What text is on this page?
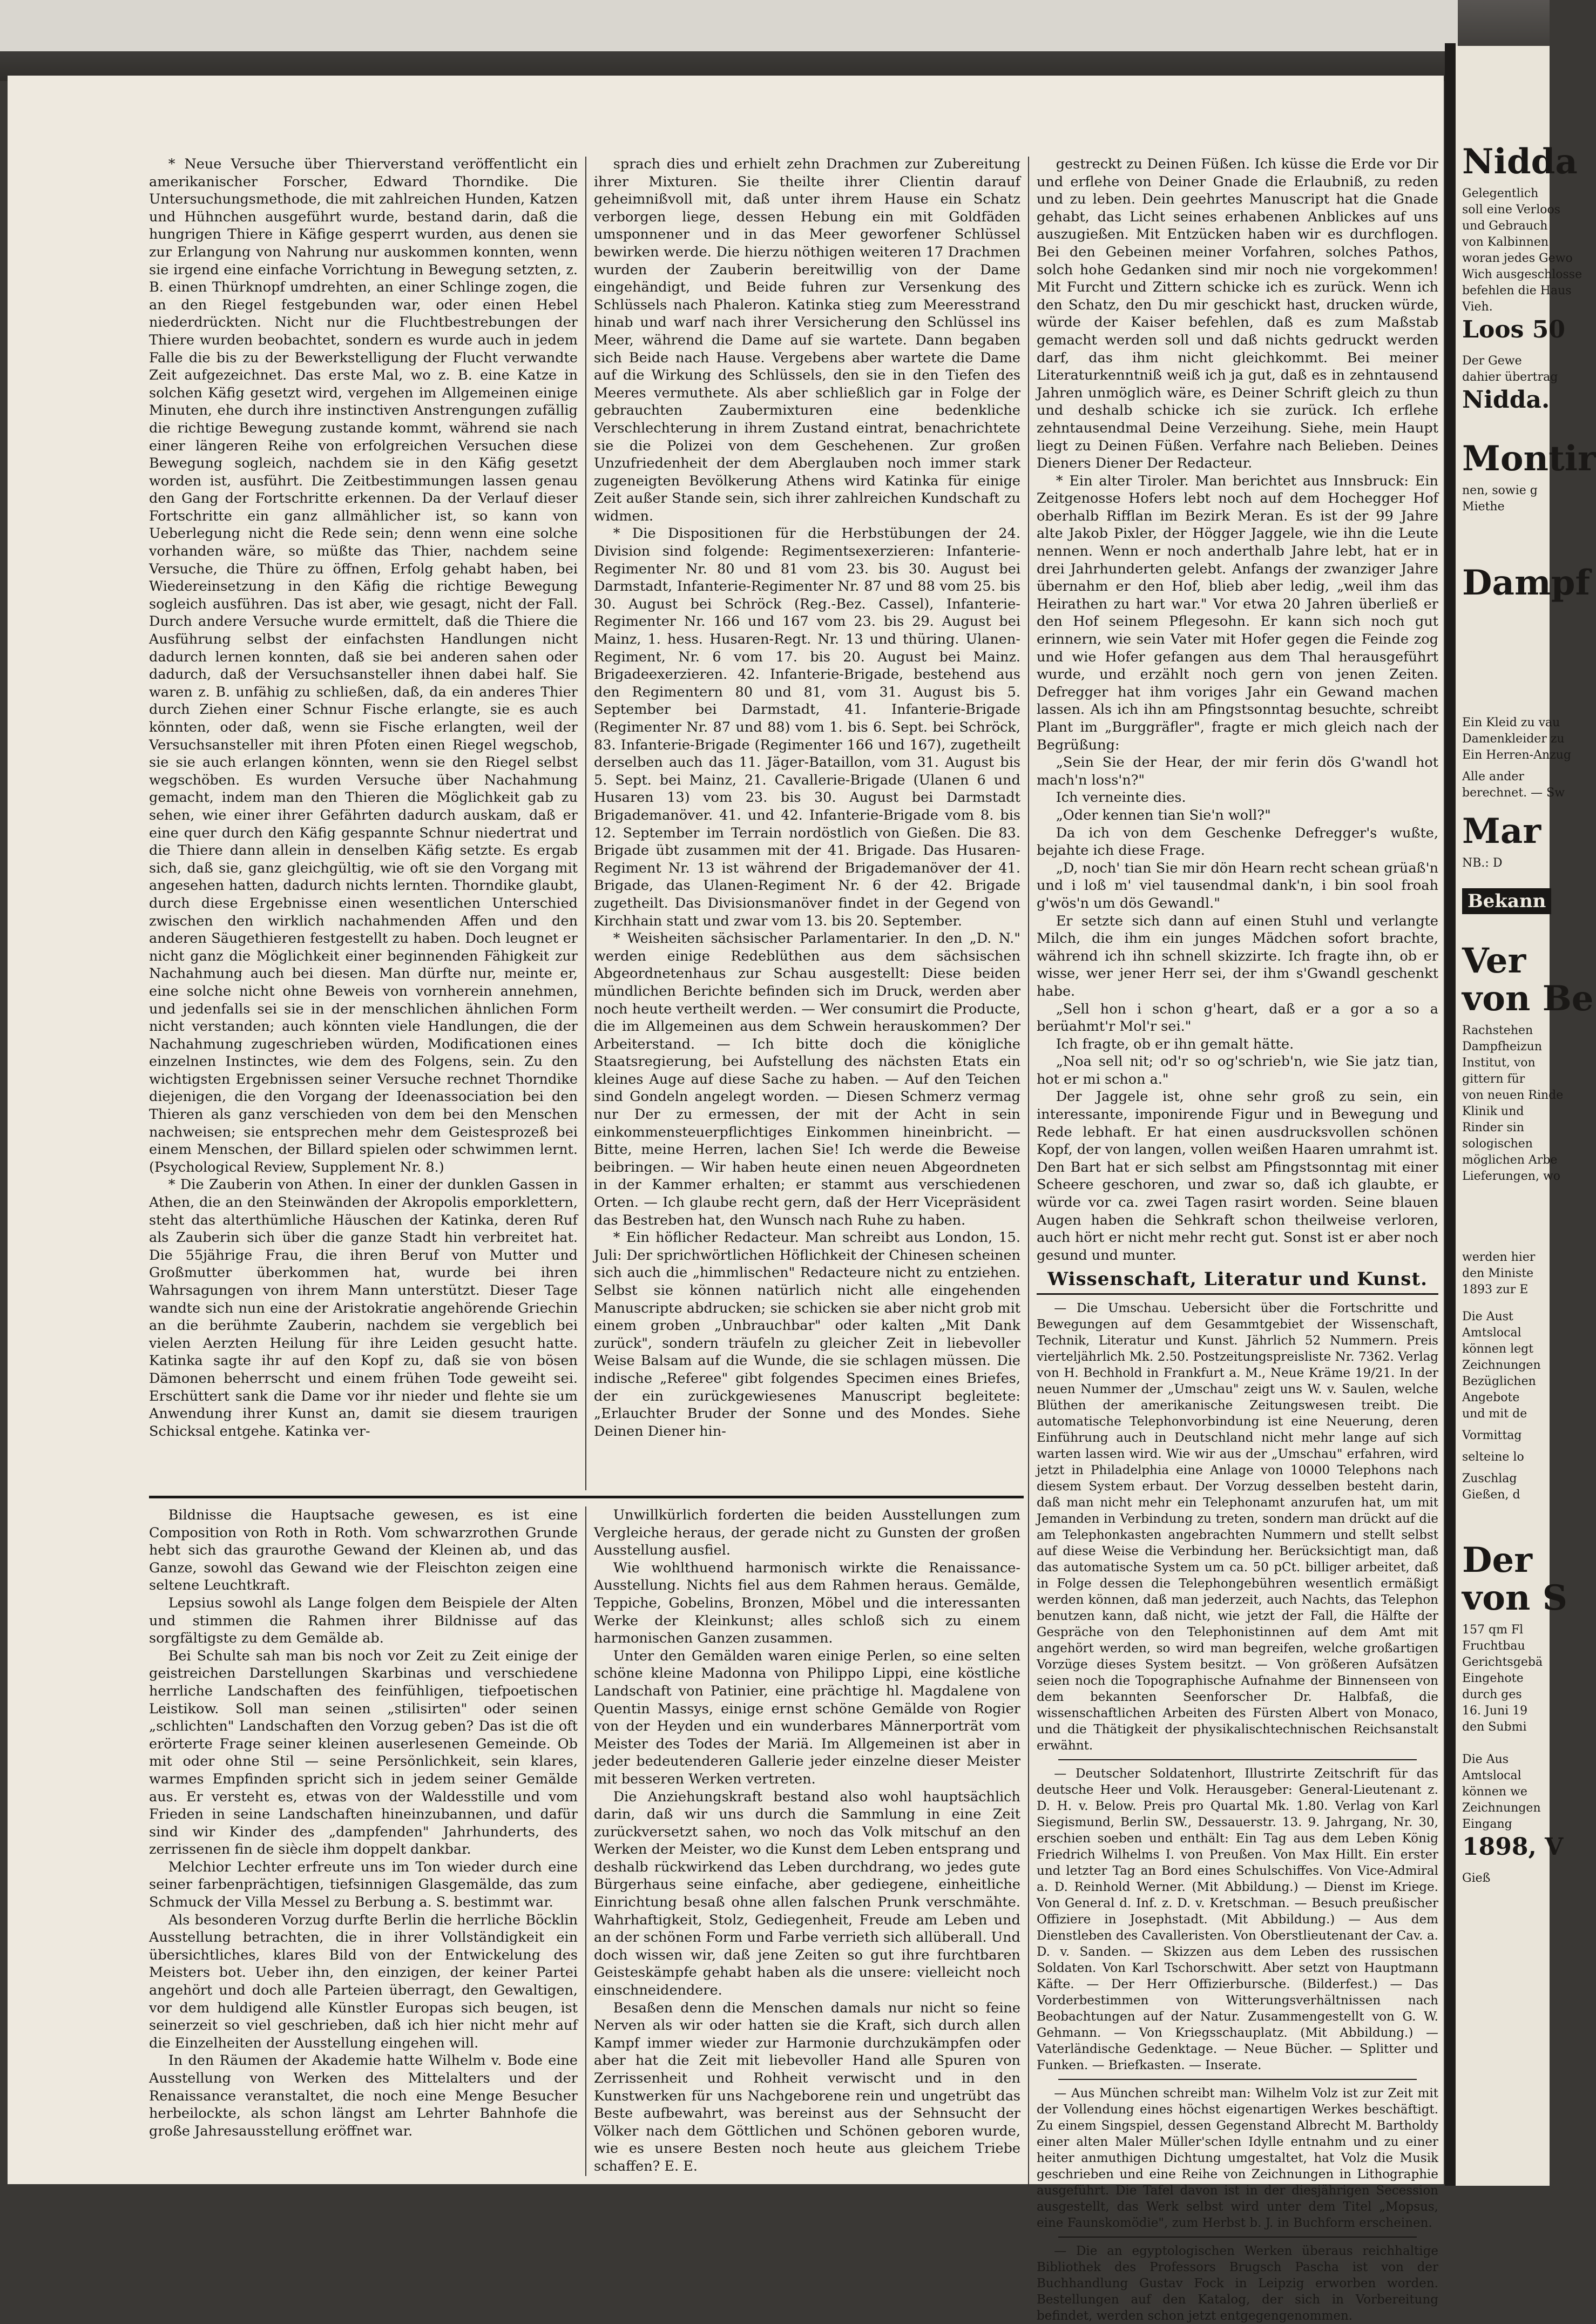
* Neue Versuche über Thierverstand veröffentlicht ein amerikanischer Forscher, Edward Thorndike. Die Untersuchungsmethode, die mit zahlreichen Hunden, Katzen und Hühnchen ausgeführt wurde, bestand darin, daß die hungrigen Thiere in Käfige gesperrt wurden, aus denen sie zur Erlangung von Nahrung nur auskommen konnten, wenn sie irgend eine einfache Vorrichtung in Bewegung setzten, z. B. einen Thürknopf umdrehten, an einer Schlinge zogen, die an den Riegel festgebunden war, oder einen Hebel niederdrückten. Nicht nur die Fluchtbestrebungen der Thiere wurden beobachtet, sondern es wurde auch in jedem Falle die bis zu der Bewerkstelligung der Flucht verwandte Zeit aufgezeichnet. Das erste Mal, wo z. B. eine Katze in solchen Käfig gesetzt wird, vergehen im Allgemeinen einige Minuten, ehe durch ihre instinctiven Anstrengungen zufällig die richtige Bewegung zustande kommt, während sie nach einer längeren Reihe von erfolgreichen Versuchen diese Bewegung sogleich, nachdem sie in den Käfig gesetzt worden ist, ausführt. Die Zeitbestimmungen lassen genau den Gang der Fortschritte erkennen. Da der Verlauf dieser Fortschritte ein ganz allmählicher ist, so kann von Ueberlegung nicht die Rede sein; denn wenn eine solche vorhanden wäre, so müßte das Thier, nachdem seine Versuche, die Thüre zu öffnen, Erfolg gehabt haben, bei Wiedereinsetzung in den Käfig die richtige Bewegung sogleich ausführen. Das ist aber, wie gesagt, nicht der Fall. Durch andere Versuche wurde ermittelt, daß die Thiere die Ausführung selbst der einfachsten Handlungen nicht dadurch lernen konnten, daß sie bei anderen sahen oder dadurch, daß der Versuchsansteller ihnen dabei half. Sie waren z. B. unfähig zu schließen, daß, da ein anderes Thier durch Ziehen einer Schnur Fische erlangte, sie es auch könnten, oder daß, wenn sie Fische erlangten, weil der Versuchsansteller mit ihren Pfoten einen Riegel wegschob, sie sie auch erlangen könnten, wenn sie den Riegel selbst wegschöben. Es wurden Versuche über Nachahmung gemacht, indem man den Thieren die Möglichkeit gab zu sehen, wie einer ihrer Gefährten dadurch auskam, daß er eine quer durch den Käfig gespannte Schnur niedertrat und die Thiere dann allein in denselben Käfig setzte. Es ergab sich, daß sie, ganz gleichgültig, wie oft sie den Vorgang mit angesehen hatten, dadurch nichts lernten. Thorndike glaubt, durch diese Ergebnisse einen wesentlichen Unterschied zwischen den wirklich nachahmenden Affen und den anderen Säugethieren festgestellt zu haben. Doch leugnet er nicht ganz die Möglichkeit einer beginnenden Fähigkeit zur Nachahmung auch bei diesen. Man dürfte nur, meinte er, eine solche nicht ohne Beweis von vornherein annehmen, und jedenfalls sei sie in der menschlichen ähnlichen Form nicht verstanden; auch könnten viele Handlungen, die der Nachahmung zugeschrieben würden, Modificationen eines einzelnen Instinctes, wie dem des Folgens, sein. Zu den wichtigsten Ergebnissen seiner Versuche rechnet Thorndike diejenigen, die den Vorgang der Ideenassociation bei den Thieren als ganz verschieden von dem bei den Menschen nachweisen; sie entsprechen mehr dem Geistesprozeß bei einem Menschen, der Billard spielen oder schwimmen lernt. (Psychological Review, Supplement Nr. 8.)

* Die Zauberin von Athen. In einer der dunklen Gassen in Athen, die an den Steinwänden der Akropolis emporklettern, steht das alterthümliche Häuschen der Katinka, deren Ruf als Zauberin sich über die ganze Stadt hin verbreitet hat. Die 55jährige Frau, die ihren Beruf von Mutter und Großmutter überkommen hat, wurde bei ihren Wahrsagungen von ihrem Mann unterstützt. Dieser Tage wandte sich nun eine der Aristokratie angehörende Griechin an die berühmte Zauberin, nachdem sie vergeblich bei vielen Aerzten Heilung für ihre Leiden gesucht hatte. Katinka sagte ihr auf den Kopf zu, daß sie von bösen Dämonen beherrscht und einem frühen Tode geweiht sei. Erschüttert sank die Dame vor ihr nieder und flehte sie um Anwendung ihrer Kunst an, damit sie diesem traurigen Schicksal entgehe. Katinka ver-

sprach dies und erhielt zehn Drachmen zur Zubereitung ihrer Mixturen. Sie theilte ihrer Clientin darauf geheimnißvoll mit, daß unter ihrem Hause ein Schatz verborgen liege, dessen Hebung ein mit Goldfäden umsponnener und in das Meer geworfener Schlüssel bewirken werde. Die hierzu nöthigen weiteren 17 Drachmen wurden der Zauberin bereitwillig von der Dame eingehändigt, und Beide fuhren zur Versenkung des Schlüssels nach Phaleron. Katinka stieg zum Meeresstrand hinab und warf nach ihrer Versicherung den Schlüssel ins Meer, während die Dame auf sie wartete. Dann begaben sich Beide nach Hause. Vergebens aber wartete die Dame auf die Wirkung des Schlüssels, den sie in den Tiefen des Meeres vermuthete. Als aber schließlich gar in Folge der gebrauchten Zaubermixturen eine bedenkliche Verschlechterung in ihrem Zustand eintrat, benachrichtete sie die Polizei von dem Geschehenen. Zur großen Unzufriedenheit der dem Aberglauben noch immer stark zugeneigten Bevölkerung Athens wird Katinka für einige Zeit außer Stande sein, sich ihrer zahlreichen Kundschaft zu widmen.

* Die Dispositionen für die Herbstübungen der 24. Division sind folgende: Regimentsexerzieren: Infanterie-Regimenter Nr. 80 und 81 vom 23. bis 30. August bei Darmstadt, Infanterie-Regimenter Nr. 87 und 88 vom 25. bis 30. August bei Schröck (Reg.-Bez. Cassel), Infanterie-Regimenter Nr. 166 und 167 vom 23. bis 29. August bei Mainz, 1. hess. Husaren-Regt. Nr. 13 und thüring. Ulanen-Regiment, Nr. 6 vom 17. bis 20. August bei Mainz. Brigadeexerzieren. 42. Infanterie-Brigade, bestehend aus den Regimentern 80 und 81, vom 31. August bis 5. September bei Darmstadt, 41. Infanterie-Brigade (Regimenter Nr. 87 und 88) vom 1. bis 6. Sept. bei Schröck, 83. Infanterie-Brigade (Regimenter 166 und 167), zugetheilt derselben auch das 11. Jäger-Bataillon, vom 31. August bis 5. Sept. bei Mainz, 21. Cavallerie-Brigade (Ulanen 6 und Husaren 13) vom 23. bis 30. August bei Darmstadt Brigademanöver. 41. und 42. Infanterie-Brigade vom 8. bis 12. September im Terrain nordöstlich von Gießen. Die 83. Brigade übt zusammen mit der 41. Brigade. Das Husaren-Regiment Nr. 13 ist während der Brigademanöver der 41. Brigade, das Ulanen-Regiment Nr. 6 der 42. Brigade zugetheilt. Das Divisionsmanöver findet in der Gegend von Kirchhain statt und zwar vom 13. bis 20. September.

* Weisheiten sächsischer Parlamentarier. In den „D. N." werden einige Redeblüthen aus dem sächsischen Abgeordnetenhaus zur Schau ausgestellt: Diese beiden mündlichen Berichte befinden sich im Druck, werden aber noch heute vertheilt werden. — Wer consumirt die Producte, die im Allgemeinen aus dem Schwein herauskommen? Der Arbeiterstand. — Ich bitte doch die königliche Staatsregierung, bei Aufstellung des nächsten Etats ein kleines Auge auf diese Sache zu haben. — Auf den Teichen sind Gondeln angelegt worden. — Diesen Schmerz vermag nur Der zu ermessen, der mit der Acht in sein einkommensteuerpflichtiges Einkommen hineinbricht. — Bitte, meine Herren, lachen Sie! Ich werde die Beweise beibringen. — Wir haben heute einen neuen Abgeordneten in der Kammer erhalten; er stammt aus verschiedenen Orten. — Ich glaube recht gern, daß der Herr Vicepräsident das Bestreben hat, den Wunsch nach Ruhe zu haben.

* Ein höflicher Redacteur. Man schreibt aus London, 15. Juli: Der sprichwörtlichen Höflichkeit der Chinesen scheinen sich auch die „himmlischen" Redacteure nicht zu entziehen. Selbst sie können natürlich nicht alle eingehenden Manuscripte abdrucken; sie schicken sie aber nicht grob mit einem groben „Unbrauchbar" oder kalten „Mit Dank zurück", sondern träufeln zu gleicher Zeit in liebevoller Weise Balsam auf die Wunde, die sie schlagen müssen. Die indische „Referee" gibt folgendes Specimen eines Briefes, der ein zurückgewiesenes Manuscript begleitete: „Erlauchter Bruder der Sonne und des Mondes. Siehe Deinen Diener hin-

gestreckt zu Deinen Füßen. Ich küsse die Erde vor Dir und erflehe von Deiner Gnade die Erlaubniß, zu reden und zu leben. Dein geehrtes Manuscript hat die Gnade gehabt, das Licht seines erhabenen Anblickes auf uns auszugießen. Mit Entzücken haben wir es durchflogen. Bei den Gebeinen meiner Vorfahren, solches Pathos, solch hohe Gedanken sind mir noch nie vorgekommen! Mit Furcht und Zittern schicke ich es zurück. Wenn ich den Schatz, den Du mir geschickt hast, drucken würde, würde der Kaiser befehlen, daß es zum Maßstab gemacht werden soll und daß nichts gedruckt werden darf, das ihm nicht gleichkommt. Bei meiner Literaturkenntniß weiß ich ja gut, daß es in zehntausend Jahren unmöglich wäre, es Deiner Schrift gleich zu thun und deshalb schicke ich sie zurück. Ich erflehe zehntausendmal Deine Verzeihung. Siehe, mein Haupt liegt zu Deinen Füßen. Verfahre nach Belieben. Deines Dieners Diener Der Redacteur.

* Ein alter Tiroler. Man berichtet aus Innsbruck: Ein Zeitgenosse Hofers lebt noch auf dem Hochegger Hof oberhalb Rifflan im Bezirk Meran. Es ist der 99 Jahre alte Jakob Pixler, der Högger Jaggele, wie ihn die Leute nennen. Wenn er noch anderthalb Jahre lebt, hat er in drei Jahrhunderten gelebt. Anfangs der zwanziger Jahre übernahm er den Hof, blieb aber ledig, „weil ihm das Heirathen zu hart war." Vor etwa 20 Jahren überließ er den Hof seinem Pflegesohn. Er kann sich noch gut erinnern, wie sein Vater mit Hofer gegen die Feinde zog und wie Hofer gefangen aus dem Thal herausgeführt wurde, und erzählt noch gern von jenen Zeiten. Defregger hat ihm voriges Jahr ein Gewand machen lassen. Als ich ihn am Pfingstsonntag besuchte, schreibt Plant im „Burggräfler", fragte er mich gleich nach der Begrüßung:

„Sein Sie der Hear, der mir ferin dös G'wandl hot mach'n loss'n?"

Ich verneinte dies.

„Oder kennen tian Sie'n woll?"

Da ich von dem Geschenke Defregger's wußte, bejahte ich diese Frage.

„D, noch' tian Sie mir dön Hearn recht schean grüaß'n und i loß m' viel tausendmal dank'n, i bin sool froah g'wös'n um dös Gewandl."

Er setzte sich dann auf einen Stuhl und verlangte Milch, die ihm ein junges Mädchen sofort brachte, während ich ihn schnell skizzirte. Ich fragte ihn, ob er wisse, wer jener Herr sei, der ihm s'Gwandl geschenkt habe.

„Sell hon i schon g'heart, daß er a gor a so a berüahmt'r Mol'r sei."

Ich fragte, ob er ihn gemalt hätte.

„Noa sell nit; od'r so og'schrieb'n, wie Sie jatz tian, hot er mi schon a."

Der Jaggele ist, ohne sehr groß zu sein, ein interessante, imponirende Figur und in Bewegung und Rede lebhaft. Er hat einen ausdrucksvollen schönen Kopf, der von langen, vollen weißen Haaren umrahmt ist. Den Bart hat er sich selbst am Pfingstsonntag mit einer Scheere geschoren, und zwar so, daß ich glaubte, er würde vor ca. zwei Tagen rasirt worden. Seine blauen Augen haben die Sehkraft schon theilweise verloren, auch hört er nicht mehr recht gut. Sonst ist er aber noch gesund und munter.

Wissenschaft, Literatur und Kunst.

— Die Umschau. Uebersicht über die Fortschritte und Bewegungen auf dem Gesammtgebiet der Wissenschaft, Technik, Literatur und Kunst. Jährlich 52 Nummern. Preis vierteljährlich Mk. 2.50. Postzeitungspreisliste Nr. 7362. Verlag von H. Bechhold in Frankfurt a. M., Neue Kräme 19/21. In der neuen Nummer der „Umschau" zeigt uns W. v. Saulen, welche Blüthen der amerikanische Zeitungswesen treibt. Die automatische Telephonvorbindung ist eine Neuerung, deren Einführung auch in Deutschland nicht mehr lange auf sich warten lassen wird. Wie wir aus der „Umschau" erfahren, wird jetzt in Philadelphia eine Anlage von 10000 Telephons nach diesem System erbaut. Der Vorzug desselben besteht darin, daß man nicht mehr ein Telephonamt anzurufen hat, um mit Jemanden in Verbindung zu treten, sondern man drückt auf die am Telephonkasten angebrachten Nummern und stellt selbst auf diese Weise die Verbindung her. Berücksichtigt man, daß das automatische System um ca. 50 pCt. billiger arbeitet, daß in Folge dessen die Telephongebühren wesentlich ermäßigt werden können, daß man jederzeit, auch Nachts, das Telephon benutzen kann, daß nicht, wie jetzt der Fall, die Hälfte der Gespräche von den Telephonistinnen auf dem Amt mit angehört werden, so wird man begreifen, welche großartigen Vorzüge dieses System besitzt. — Von größeren Aufsätzen seien noch die Topographische Aufnahme der Binnenseen von dem bekannten Seenforscher Dr. Halbfaß, die wissenschaftlichen Arbeiten des Fürsten Albert von Monaco, und die Thätigkeit der physikalischtechnischen Reichsanstalt erwähnt.

— Deutscher Soldatenhort, Illustrirte Zeitschrift für das deutsche Heer und Volk. Herausgeber: General-Lieutenant z. D. H. v. Below. Preis pro Quartal Mk. 1.80. Verlag von Karl Siegismund, Berlin SW., Dessauerstr. 13. 9. Jahrgang, Nr. 30, erschien soeben und enthält: Ein Tag aus dem Leben König Friedrich Wilhelms I. von Preußen. Von Max Hillt. Ein erster und letzter Tag an Bord eines Schulschiffes. Von Vice-Admiral a. D. Reinhold Werner. (Mit Abbildung.) — Dienst im Kriege. Von General d. Inf. z. D. v. Kretschman. — Besuch preußischer Offiziere in Josephstadt. (Mit Abbildung.) — Aus dem Dienstleben des Cavalleristen. Von Oberstlieutenant der Cav. a. D. v. Sanden. — Skizzen aus dem Leben des russischen Soldaten. Von Karl Tschorschwitt. Aber setzt von Hauptmann Käfte. — Der Herr Offizierbursche. (Bilderfest.) — Das Vorderbestimmen von Witterungsverhältnissen nach Beobachtungen auf der Natur. Zusammengestellt von G. W. Gehmann. — Von Kriegsschauplatz. (Mit Abbildung.) — Vaterländische Gedenktage. — Neue Bücher. — Splitter und Funken. — Briefkasten. — Inserate.

— Aus München schreibt man: Wilhelm Volz ist zur Zeit mit der Vollendung eines höchst eigenartigen Werkes beschäftigt. Zu einem Singspiel, dessen Gegenstand Albrecht M. Bartholdy einer alten Maler Müller'schen Idylle entnahm und zu einer heiter anmuthigen Dichtung umgestaltet, hat Volz die Musik geschrieben und eine Reihe von Zeichnungen in Lithographie ausgeführt. Die Tafel davon ist in der diesjährigen Secession ausgestellt, das Werk selbst wird unter dem Titel „Mopsus, eine Faunskomödie", zum Herbst b. J. in Buchform erscheinen.

— Die an egyptologischen Werken überaus reichhaltige Bibliothek des Professors Brugsch Pascha ist von der Buchhandlung Gustav Fock in Leipzig erworben worden. Bestellungen auf den Katalog, der sich in Vorbereitung befindet, werden schon jetzt entgegengenommen.

Bildnisse die Hauptsache gewesen, es ist eine Composition von Roth in Roth. Vom schwarzrothen Grunde hebt sich das graurothe Gewand der Kleinen ab, und das Ganze, sowohl das Gewand wie der Fleischton zeigen eine seltene Leuchtkraft.

Lepsius sowohl als Lange folgen dem Beispiele der Alten und stimmen die Rahmen ihrer Bildnisse auf das sorgfältigste zu dem Gemälde ab.

Bei Schulte sah man bis noch vor Zeit zu Zeit einige der geistreichen Darstellungen Skarbinas und verschiedene herrliche Landschaften des feinfühligen, tiefpoetischen Leistikow. Soll man seinen „stilisirten" oder seinen „schlichten" Landschaften den Vorzug geben? Das ist die oft erörterte Frage seiner kleinen auserlesenen Gemeinde. Ob mit oder ohne Stil — seine Persönlichkeit, sein klares, warmes Empfinden spricht sich in jedem seiner Gemälde aus. Er versteht es, etwas von der Waldesstille und vom Frieden in seine Landschaften hineinzubannen, und dafür sind wir Kinder des „dampfenden" Jahrhunderts, des zerrissenen fin de siècle ihm doppelt dankbar.

Melchior Lechter erfreute uns im Ton wieder durch eine seiner farbenprächtigen, tiefsinnigen Glasgemälde, das zum Schmuck der Villa Messel zu Berbung a. S. bestimmt war.

Als besonderen Vorzug durfte Berlin die herrliche Böcklin Ausstellung betrachten, die in ihrer Vollständigkeit ein übersichtliches, klares Bild von der Entwickelung des Meisters bot. Ueber ihn, den einzigen, der keiner Partei angehört und doch alle Parteien überragt, den Gewaltigen, vor dem huldigend alle Künstler Europas sich beugen, ist seinerzeit so viel geschrieben, daß ich hier nicht mehr auf die Einzelheiten der Ausstellung eingehen will.

In den Räumen der Akademie hatte Wilhelm v. Bode eine Ausstellung von Werken des Mittelalters und der Renaissance veranstaltet, die noch eine Menge Besucher herbeilockte, als schon längst am Lehrter Bahnhofe die große Jahresausstellung eröffnet war.

Unwillkürlich forderten die beiden Ausstellungen zum Vergleiche heraus, der gerade nicht zu Gunsten der großen Ausstellung ausfiel.

Wie wohlthuend harmonisch wirkte die Renaissance-Ausstellung. Nichts fiel aus dem Rahmen heraus. Gemälde, Teppiche, Gobelins, Bronzen, Möbel und die interessanten Werke der Kleinkunst; alles schloß sich zu einem harmonischen Ganzen zusammen.

Unter den Gemälden waren einige Perlen, so eine selten schöne kleine Madonna von Philippo Lippi, eine köstliche Landschaft von Patinier, eine prächtige hl. Magdalene von Quentin Massys, einige ernst schöne Gemälde von Rogier von der Heyden und ein wunderbares Männerporträt vom Meister des Todes der Mariä. Im Allgemeinen ist aber in jeder bedeutenderen Gallerie jeder einzelne dieser Meister mit besseren Werken vertreten.

Die Anziehungskraft bestand also wohl hauptsächlich darin, daß wir uns durch die Sammlung in eine Zeit zurückversetzt sahen, wo noch das Volk mitschuf an den Werken der Meister, wo die Kunst dem Leben entsprang und deshalb rückwirkend das Leben durchdrang, wo jedes gute Bürgerhaus seine einfache, aber gediegene, einheitliche Einrichtung besaß ohne allen falschen Prunk verschmähte. Wahrhaftigkeit, Stolz, Gediegenheit, Freude am Leben und an der schönen Form und Farbe verrieth sich allüberall. Und doch wissen wir, daß jene Zeiten so gut ihre furchtbaren Geisteskämpfe gehabt haben als die unsere: vielleicht noch einschneidendere.

Besaßen denn die Menschen damals nur nicht so feine Nerven als wir oder hatten sie die Kraft, sich durch allen Kampf immer wieder zur Harmonie durchzukämpfen oder aber hat die Zeit mit liebevoller Hand alle Spuren von Zerrissenheit und Rohheit verwischt und in den Kunstwerken für uns Nachgeborene rein und ungetrübt das Beste aufbewahrt, was bereinst aus der Sehnsucht der Völker nach dem Göttlichen und Schönen geboren wurde, wie es unsere Besten noch heute aus gleichem Triebe schaffen? E. E.

Nidda
Gelegentlich
soll eine Verloos
und Gebrauch
von Kalbinnen
woran jedes Gewo
Wich ausgeschlosse
befehlen die Haus
Vieh.
Loos 50
Der Gewe
dahier übertrag
Nidda.
Montir
nen, sowie g
Miethe
Dampf
Ein Kleid zu vau
Damenkleider zu
Ein Herren-Anzug
Alle ander
berechnet. — Sw
Mar
NB.: D
Bekann
Ver
von Be
Rachstehen
Dampfheizun
Institut, von
gittern für
von neuen Rinde
Klinik und
Rinder sin
sologischen
möglichen Arbe
Lieferungen, wo
werden hier
den Ministe
1893 zur E
Die Aust
Amtslocal
können legt
Zeichnungen
Bezüglichen
Angebote
und mit de
Vormittag
selteine lo
Zuschlag
Gießen, d
Der
von S
157 qm Fl
Fruchtbau
Gerichtsgebä
Eingehote
durch ges
16. Juni 19
den Submi
Die Aus
Amtslocal
können we
Zeichnungen
Eingang
1898, V
Gieß
